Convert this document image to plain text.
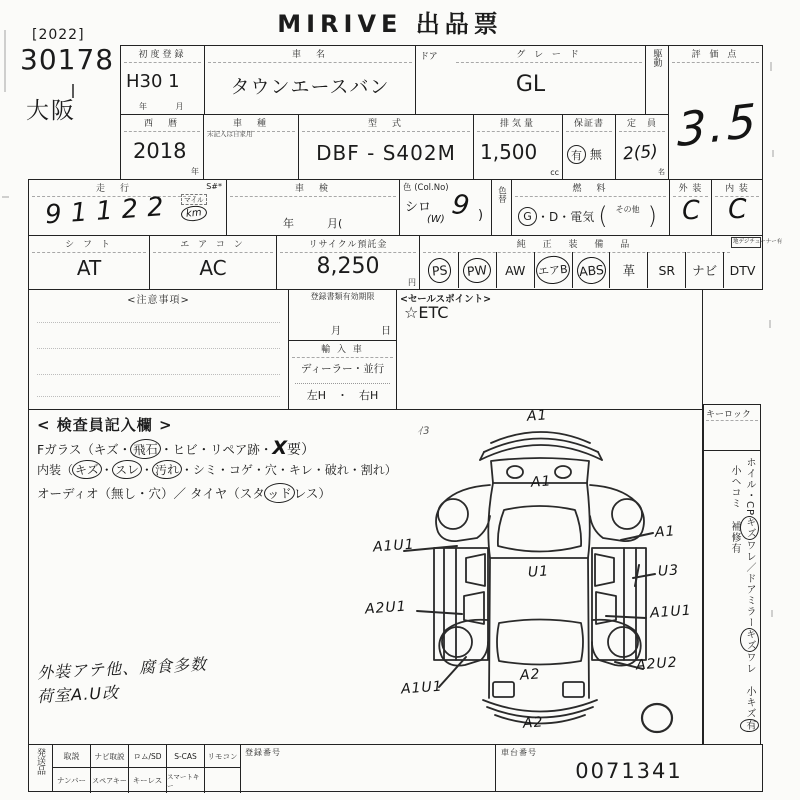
MIRIVE 出品票
[2022]
30178
大阪
初度登録
H30 1
年　 月
車　名
タウンエースバン
ドア	グ レ ー ド
GL
駆動	評 価 点
3.5
西　暦
2018
年
車　種
未記入は自家用
型　式
DBF - S402M
排気量
1,500
cc
保証書
有 無
定　員
2(5)
名
走　行	S#*
91122	マイル
km
車　検
年　　　月(
色 (Col.No)
シロ
(W) 9 )
色替	燃　料
G ・D・電気 ( その他 )
外 装
C
内 装
C
シ フ ト
AT
エ ア コ ン
AC
リサイクル預託金
8,250
円
純 正 装 備 品	地デジチューナー有
PS	PW	AW エアB ABS 革 SR ナビ DTV
<注意事項>	登録書類有効期限
月　　　　日
輸 入 車
ディーラー・並行
左H　・　右H
<セールスポイント>
☆ETC
< 検査員記入欄 >
Fガラス（キズ・ 飛石 ・ヒビ・リペア跡・X要）
内装（ キズ ・ スレ ・ 汚れ ・シミ・コゲ・穴・キレ・破れ・割れ）
オーディオ（無し・穴）／ タイヤ（スタ ッド レス）
A1
ｲ3
A1
A1U1
A1
U1	U3
A2U1	A1U1
A2U2
A2
A1U1
A2
外装アテ他、腐食多数
荷室A.U改
キーロック
ホイル・CPキズワレ／ドアミラーキズワレ 小キズ有 小ヘコミ 補修有
発送品 取説 ナビ取説 ロム/SD S-CAS リモコン
ナンバー スペアキー キーレス スマートキー
登録番号	車台番号
0071341
